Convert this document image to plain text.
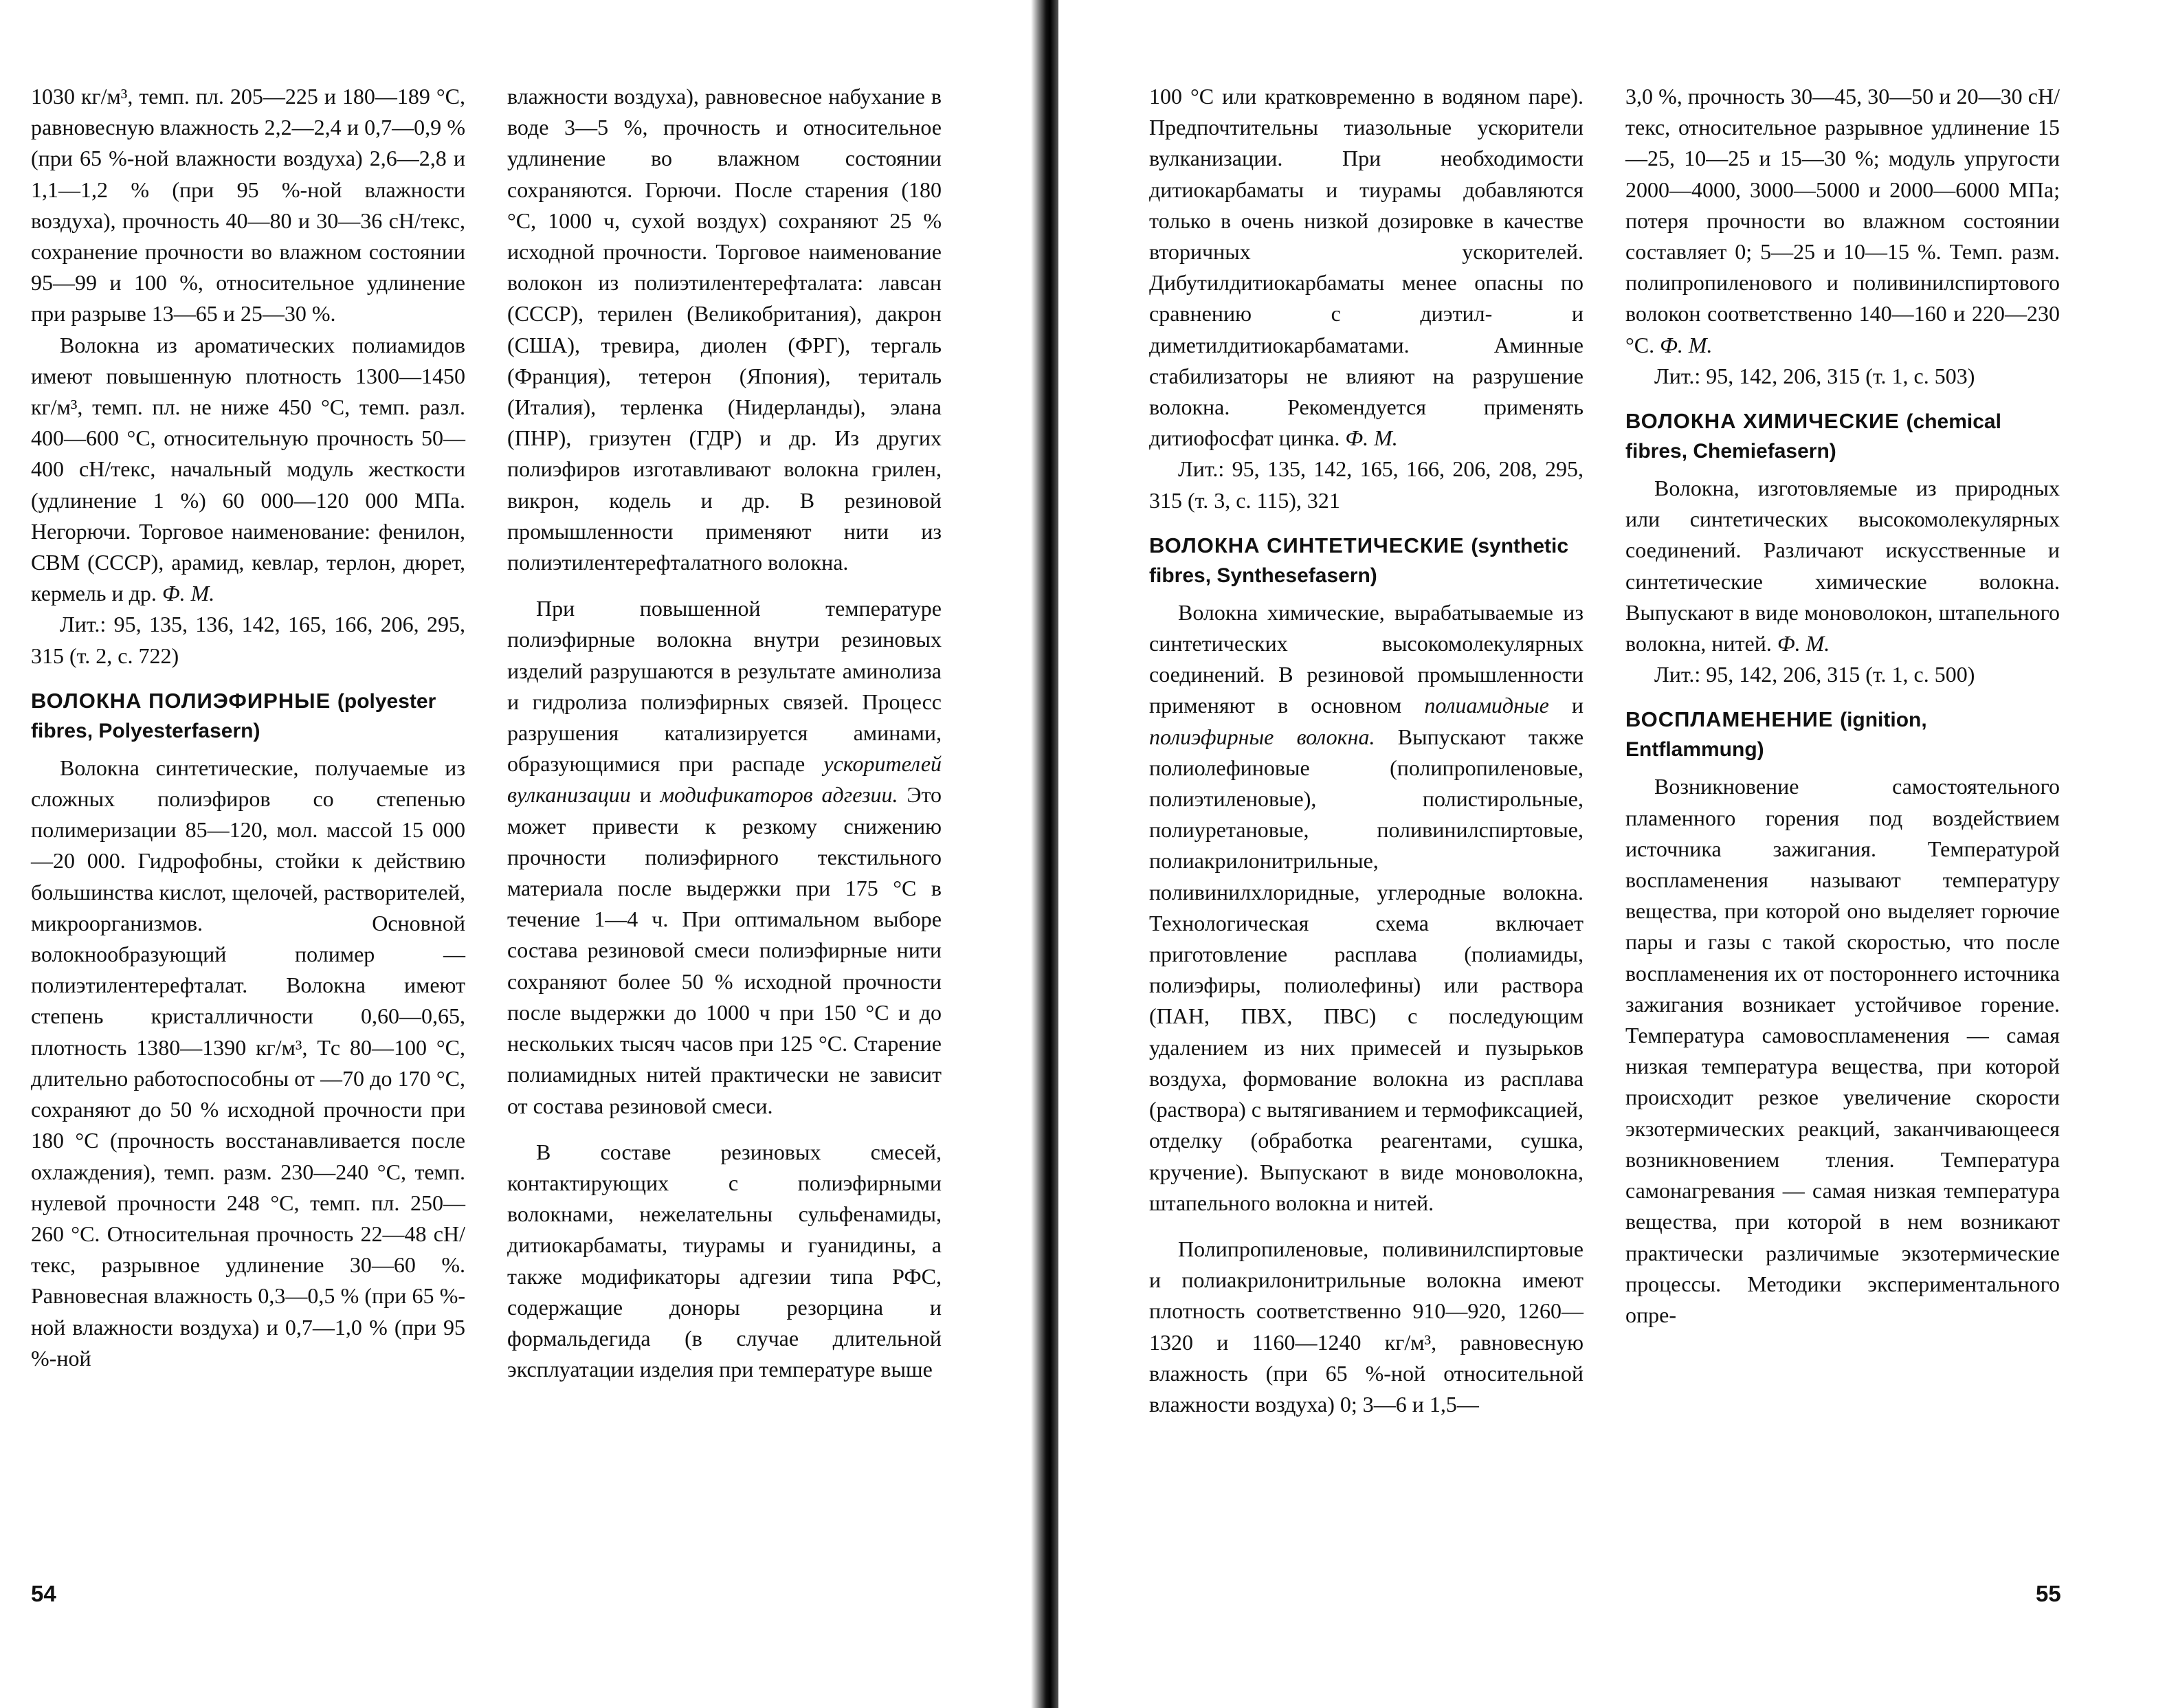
1030 кг/м³, темп. пл. 205—225 и 180—189 °С, равновесную влажность 2,2—2,4 и 0,7—0,9 % (при 65 %-ной влажности воздуха) 2,6—2,8 и 1,1—1,2 % (при 95 %-ной влажности воздуха), прочность 40—80 и 30—36 сН/текс, сохранение прочности во влажном состоянии 95—99 и 100 %, относительное удлинение при разрыве 13—65 и 25—30 %.

Волокна из ароматических полиамидов имеют повышенную плотность 1300—1450 кг/м³, темп. пл. не ниже 450 °С, темп. разл. 400—600 °С, относительную прочность 50—400 сН/текс, начальный модуль жесткости (удлинение 1 %) 60 000—120 000 МПа. Негорючи. Торговое наименование: фенилон, СВМ (СССР), арамид, кевлар, терлон, дюрет, кермель и др. Ф. М.

Лит.: 95, 135, 136, 142, 165, 166, 206, 295, 315 (т. 2, с. 722)

ВОЛОКНА ПОЛИЭФИРНЫЕ (polyester fibres, Polyesterfasern)

Волокна синтетические, получаемые из сложных полиэфиров со степенью полимеризации 85—120, мол. массой 15 000—20 000. Гидрофобны, стойки к действию большинства кислот, щелочей, растворителей, микроорганизмов. Основной волокнообразующий полимер — полиэтилентерефталат. Волокна имеют степень кристалличности 0,60—0,65, плотность 1380—1390 кг/м³, Tс 80—100 °С, длительно работоспособны от —70 до 170 °С, сохраняют до 50 % исходной прочности при 180 °С (прочность восстанавливается после охлаждения), темп. разм. 230—240 °С, темп. нулевой прочности 248 °С, темп. пл. 250—260 °С. Относительная прочность 22—48 сН/текс, разрывное удлинение 30—60 %. Равновесная влажность 0,3—0,5 % (при 65 %-ной влажности воздуха) и 0,7—1,0 % (при 95 %-ной

влажности воздуха), равновесное набухание в воде 3—5 %, прочность и относительное удлинение во влажном состоянии сохраняются. Горючи. После старения (180 °С, 1000 ч, сухой воздух) сохраняют 25 % исходной прочности. Торговое наименование волокон из полиэтилентерефталата: лавсан (СССР), терилен (Великобритания), дакрон (США), тревира, диолен (ФРГ), тергаль (Франция), тетерон (Япония), териталь (Италия), терленка (Нидерланды), элана (ПНР), гризутен (ГДР) и др. Из других полиэфиров изготавливают волокна грилен, викрон, кодель и др. В резиновой промышленности применяют нити из полиэтилентерефталатного волокна.

При повышенной температуре полиэфирные волокна внутри резиновых изделий разрушаются в результате аминолиза и гидролиза полиэфирных связей. Процесс разрушения катализируется аминами, образующимися при распаде ускорителей вулканизации и модификаторов адгезии. Это может привести к резкому снижению прочности полиэфирного текстильного материала после выдержки при 175 °С в течение 1—4 ч. При оптимальном выборе состава резиновой смеси полиэфирные нити сохраняют более 50 % исходной прочности после выдержки до 1000 ч при 150 °С и до нескольких тысяч часов при 125 °С. Старение полиамидных нитей практически не зависит от состава резиновой смеси.

В составе резиновых смесей, контактирующих с полиэфирными волокнами, нежелательны сульфенамиды, дитиокарбаматы, тиурамы и гуанидины, а также модификаторы адгезии типа РФС, содержащие доноры резорцина и формальдегида (в случае длительной эксплуатации изделия при температуре выше

100 °С или кратковременно в водяном паре). Предпочтительны тиазольные ускорители вулканизации. При необходимости дитиокарбаматы и тиурамы добавляются только в очень низкой дозировке в качестве вторичных ускорителей. Дибутилдитиокарбаматы менее опасны по сравнению с диэтил- и диметилдитиокарбаматами. Аминные стабилизаторы не влияют на разрушение волокна. Рекомендуется применять дитиофосфат цинка. Ф. М.

Лит.: 95, 135, 142, 165, 166, 206, 208, 295, 315 (т. 3, с. 115), 321

ВОЛОКНА СИНТЕТИЧЕСКИЕ (synthetic fibres, Synthesefasern)

Волокна химические, вырабатываемые из синтетических высокомолекулярных соединений. В резиновой промышленности применяют в основном полиамидные и полиэфирные волокна. Выпускают также полиолефиновые (полипропиленовые, полиэтиленовые), полистирольные, полиуретановые, поливинилспиртовые, полиакрилонитрильные, поливинилхлоридные, углеродные волокна. Технологическая схема включает приготовление расплава (полиамиды, полиэфиры, полиолефины) или раствора (ПАН, ПВХ, ПВС) с последующим удалением из них примесей и пузырьков воздуха, формование волокна из расплава (раствора) с вытягиванием и термофиксацией, отделку (обработка реагентами, сушка, кручение). Выпускают в виде моноволокна, штапельного волокна и нитей.

Полипропиленовые, поливинилспиртовые и полиакрилонитрильные волокна имеют плотность соответственно 910—920, 1260—1320 и 1160—1240 кг/м³, равновесную влажность (при 65 %-ной относительной влажности воздуха) 0; 3—6 и 1,5—

3,0 %, прочность 30—45, 30—50 и 20—30 сН/текс, относительное разрывное удлинение 15—25, 10—25 и 15—30 %; модуль упругости 2000—4000, 3000—5000 и 2000—6000 МПа; потеря прочности во влажном состоянии составляет 0; 5—25 и 10—15 %. Темп. разм. полипропиленового и поливинилспиртового волокон соответственно 140—160 и 220—230 °С. Ф. М.

Лит.: 95, 142, 206, 315 (т. 1, с. 503)

ВОЛОКНА ХИМИЧЕСКИЕ (chemical fibres, Chemiefasern)

Волокна, изготовляемые из природных или синтетических высокомолекулярных соединений. Различают искусственные и синтетические химические волокна. Выпускают в виде моноволокон, штапельного волокна, нитей. Ф. М.

Лит.: 95, 142, 206, 315 (т. 1, с. 500)

ВОСПЛАМЕНЕНИЕ (ignition, Entflammung)

Возникновение самостоятельного пламенного горения под воздействием источника зажигания. Температурой воспламенения называют температуру вещества, при которой оно выделяет горючие пары и газы с такой скоростью, что после воспламенения их от постороннего источника зажигания возникает устойчивое горение. Температура самовоспламенения — самая низкая температура вещества, при которой происходит резкое увеличение скорости экзотермических реакций, заканчивающееся возникновением тления. Температура самонагревания — самая низкая температура вещества, при которой в нем возникают практически различимые экзотермические процессы. Методики экспериментального опре-

54	55
